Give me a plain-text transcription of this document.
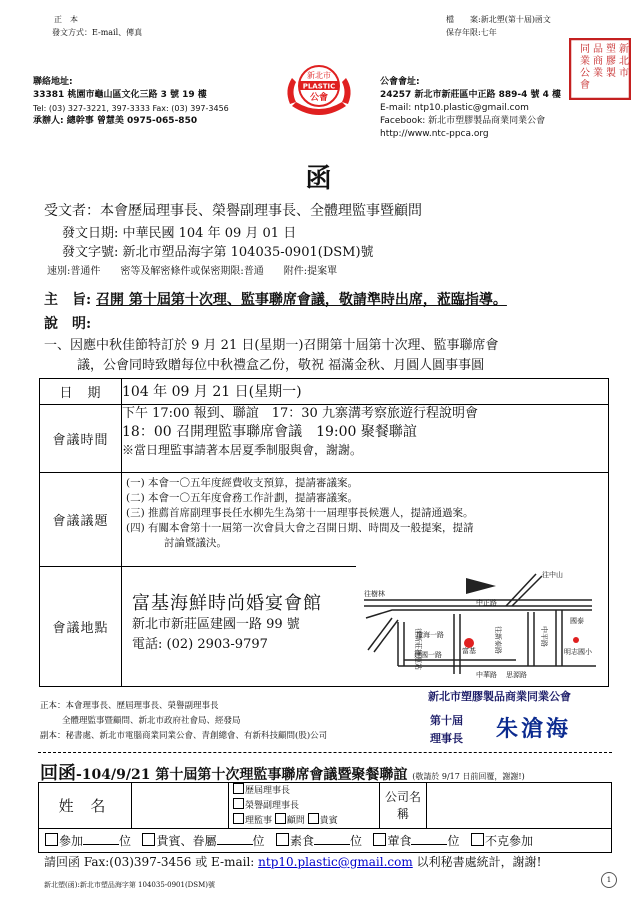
正　本
發文方式：E-mail、傳真
檔　　案:新北塑(第十屆)函文
保存年限:七年
聯絡地址:
33381 桃園市龜山區文化三路 3 號 19 樓
Tel: (03) 327-3221, 397-3333 Fax: (03) 397-3456
承辦人: 總幹事 曾慧美 0975-065-850
新北市
PLASTIC
公會
公會會址:
24257 新北市新莊區中正路 889-4 號 4 樓
E-mail: ntp10.plastic@gmail.com
Facebook: 新北市塑膠製品商業同業公會
http://www.ntc-ppca.org
新
北
市
塑
膠
製
品
商
業
同
業
公
會
函
受文者：本會歷屆理事長、榮譽副理事長、全體理監事暨顧問
發文日期: 中華民國 104 年 09 月 01 日
發文字號: 新北市塑品海字第 104035-0901(DSM)號
速別:普通件　　密等及解密條件或保密期限:普通　　附件:提案單
主　旨: 召開 第十屆第十次理、監事聯席會議，敬請準時出席，蒞臨指導。
說　明:
一、因應中秋佳節特訂於 9 月 21 日(星期一)召開第十屆第十次理、監事聯席會
議，公會同時致贈每位中秋禮盒乙份，敬祝 福滿金秋、月圓人圓事事圓
日　期	104 年 09 月 21 日(星期一)
會議時間	下午 17:00 報到、聯誼　17：30 九寨溝考察旅遊行程說明會
18：00 召開理監事聯席會議　19:00 聚餐聯誼
※當日理監事請著本居夏季制服與會，謝謝。

會議議題	(一) 本會一〇五年度經費收支預算，提請審議案。
(二) 本會一〇五年度會務工作計劃，提請審議案。
(三) 推薦首席副理事長任水柳先生為第十一屆理事長候選人，提請通過案。
(四) 有關本會第十一屆第一次會員大會之召開日期、時間及一般提案，提請
討論暨議決。

會議地點	富基海鮮時尚婚宴會館
新北市新莊區建國一路 99 號
電話: (02) 2903-9797
往中山
往樹林
中正路
國泰
建國一路	富基
往新莊捷運站	往新泰路
瓊海一路	中平路
思源路
明志國小
中華路
正本：本會理事長、歷屆理事長、榮譽副理事長
全體理監事暨顧問、新北市政府社會局、經發局
副本：秘書處、新北市電腦商業同業公會、青創總會、有新科技顧問(股)公司
新北市塑膠製品商業同業公會
第十屆
理事長 朱滄海
回函-104/9/21 第十屆第十次理監事聯席會議暨聚餐聯誼 (敬請於 9/17 日前回覆，謝謝!)
姓 名		
歷屆理事長
榮譽副理事長
理監事 顧問 貴賓
	公司名稱	
參加	位 貴賓、眷屬	位 素食	位 葷食	位 不克參加
請回函 Fax:(03)397-3456 或 E-mail: ntp10.plastic@gmail.com 以利秘書處統計，謝謝!
新北塑(函):新北市塑品海字第 104035-0901(DSM)號
1
